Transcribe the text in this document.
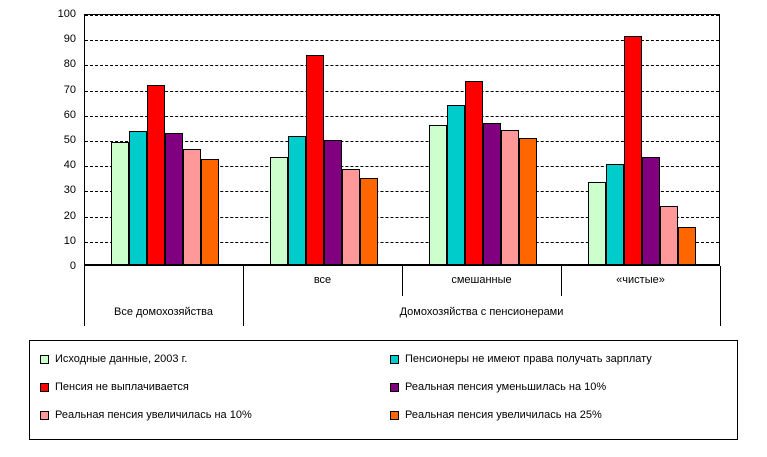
100
90
80
70
60
50
40
30
20
10
0
все	смешанные	«чистые»
Все домохозяйства	Домохозяйства с пенсионерами
Исходные данные, 2003 г.	Пенсионеры не имеют права получать зарплату
Пенсия не выплачивается	Реальная пенсия уменьшилась на 10%
Реальная пенсия увеличилась на 10%	Реальная пенсия увеличилась на 25%
